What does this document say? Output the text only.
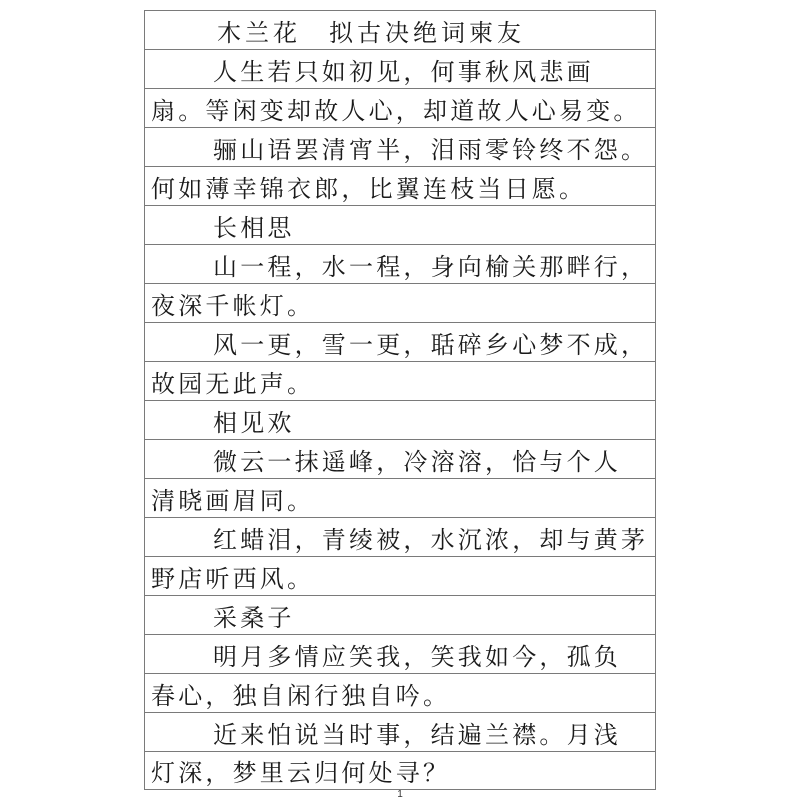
木兰花　拟古决绝词柬友
人生若只如初见，何事秋风悲画
扇。等闲变却故人心，却道故人心易变。
骊山语罢清宵半，泪雨零铃终不怨。
何如薄幸锦衣郎，比翼连枝当日愿。
长相思
山一程，水一程，身向榆关那畔行，
夜深千帐灯。
风一更，雪一更，聒碎乡心梦不成，
故园无此声。
相见欢
微云一抹遥峰，冷溶溶，恰与个人
清晓画眉同。
红蜡泪，青绫被，水沉浓，却与黄茅
野店听西风。
采桑子
明月多情应笑我，笑我如今，孤负
春心，独自闲行独自吟。
近来怕说当时事，结遍兰襟。月浅
灯深，梦里云归何处寻？
1
